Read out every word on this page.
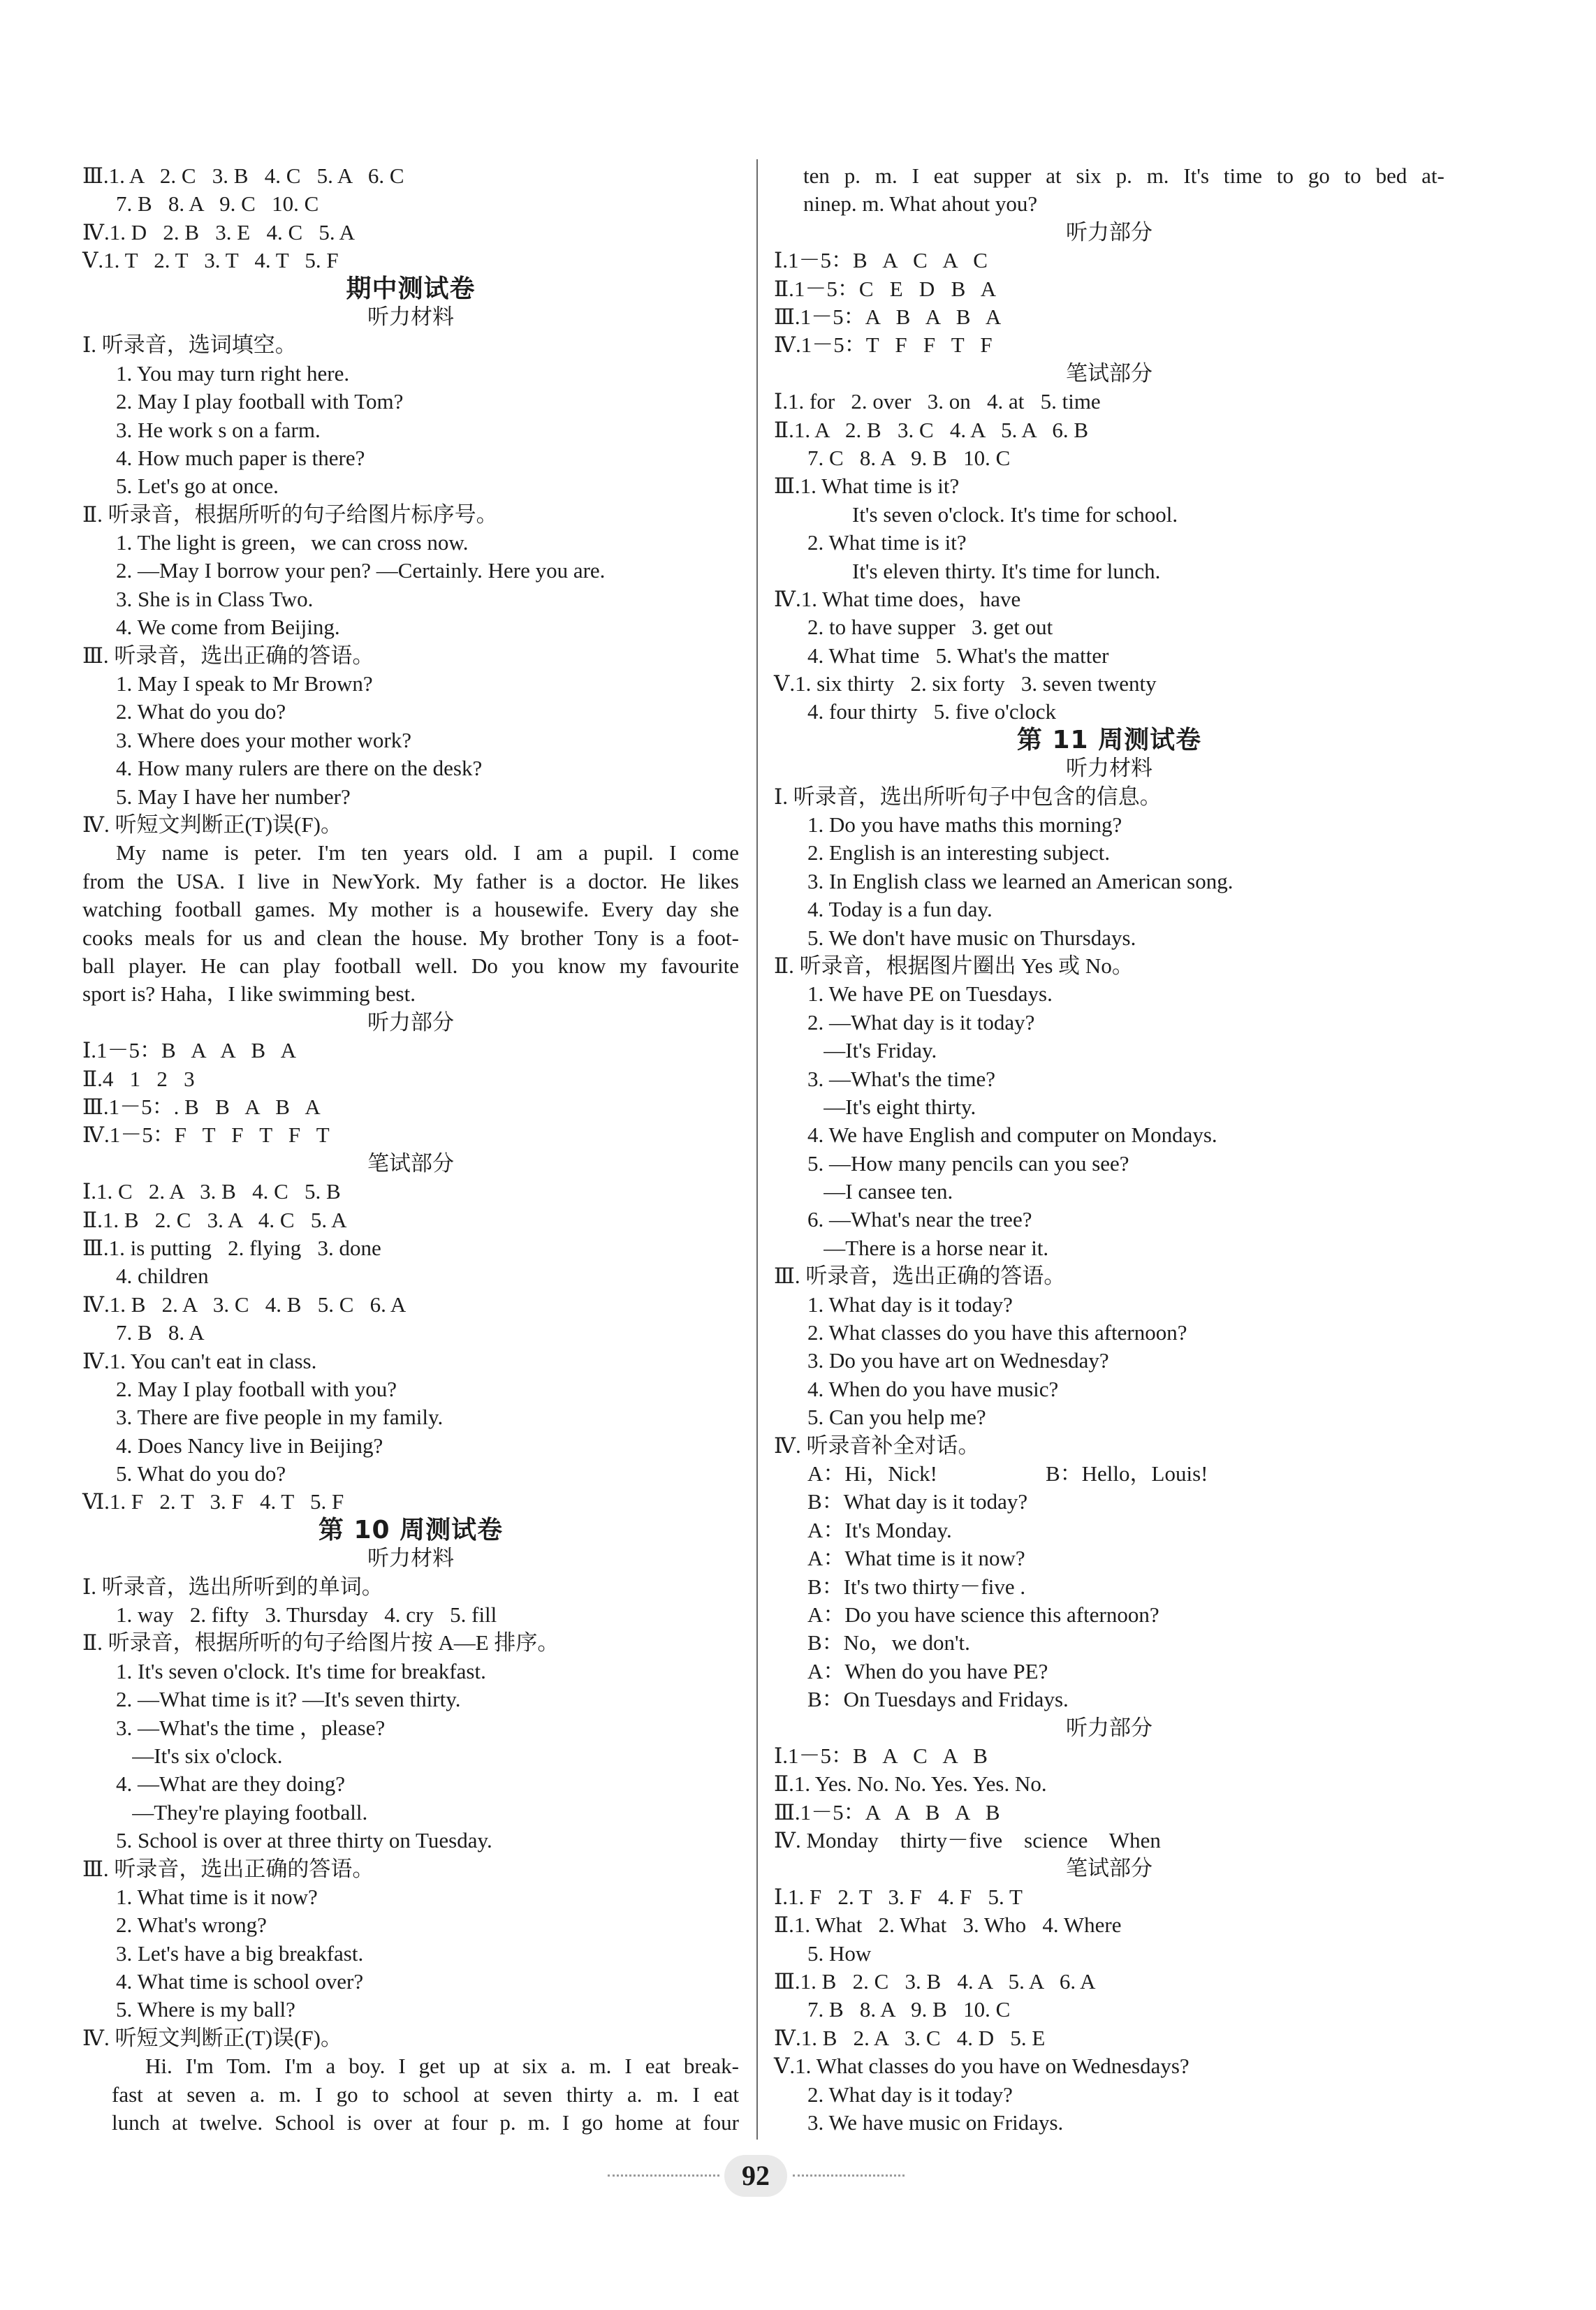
Ⅲ.1. A   2. C   3. B   4. C   5. A   6. C
7. B   8. A   9. C   10. C
Ⅳ.1. D   2. B   3. E   4. C   5. A
Ⅴ.1. T   2. T   3. T   4. T   5. F
期中测试卷
听力材料
Ⅰ. 听录音，选词填空。
1. You may turn right here.
2. May I play football with Tom?
3. He work s on a farm.
4. How much paper is there?
5. Let's go at once.
Ⅱ. 听录音，根据所听的句子给图片标序号。
1. The light is green，we can cross now.
2. —May I borrow your pen? —Certainly. Here you are.
3. She is in Class Two.
4. We come from Beijing.
Ⅲ. 听录音，选出正确的答语。
1. May I speak to Mr Brown?
2. What do you do?
3. Where does your mother work?
4. How many rulers are there on the desk?
5. May I have her number?
Ⅳ. 听短文判断正(T)误(F)。
My name is peter. I'm ten years old. I am a pupil. I come
from the USA. I live in NewYork. My father is a doctor. He likes
watching football games. My mother is a housewife. Every day she
cooks meals for us and clean the house. My brother Tony is a foot-
ball player. He can play football well. Do you know my favourite
sport is? Haha，I like swimming best.
听力部分
Ⅰ.1－5：B   A   A   B   A
Ⅱ.4   1   2   3
Ⅲ.1－5：. B   B   A   B   A
Ⅳ.1－5：F   T   F   T   F   T
笔试部分
Ⅰ.1. C   2. A   3. B   4. C   5. B
Ⅱ.1. B   2. C   3. A   4. C   5. A
Ⅲ.1. is putting   2. flying   3. done
4. children
Ⅳ.1. B   2. A   3. C   4. B   5. C   6. A
7. B   8. A
Ⅳ.1. You can't eat in class.
2. May I play football with you?
3. There are five people in my family.
4. Does Nancy live in Beijing?
5. What do you do?
Ⅵ.1. F   2. T   3. F   4. T   5. F
第 10 周测试卷
听力材料
Ⅰ. 听录音，选出所听到的单词。
1. way   2. fifty   3. Thursday   4. cry   5. fill
Ⅱ. 听录音，根据所听的句子给图片按 A—E 排序。
1. It's seven o'clock. It's time for breakfast.
2. —What time is it? —It's seven thirty.
3. —What's the time ，please?
—It's six o'clock.
4. —What are they doing?
—They're playing football.
5. School is over at three thirty on Tuesday.
Ⅲ. 听录音，选出正确的答语。
1. What time is it now?
2. What's wrong?
3. Let's have a big breakfast.
4. What time is school over?
5. Where is my ball?
Ⅳ. 听短文判断正(T)误(F)。
Hi. I'm Tom. I'm a boy. I get up at six a. m. I eat break-
fast at seven a. m. I go to school at seven thirty a. m. I eat
lunch at twelve. School is over at four p. m. I go home at four
ten p. m. I eat supper at six p. m. It's time to go to bed at-
ninep. m. What ahout you?
听力部分
Ⅰ.1－5：B   A   C   A   C
Ⅱ.1－5：C   E   D   B   A
Ⅲ.1－5：A   B   A   B   A
Ⅳ.1－5：T   F   F   T   F
笔试部分
Ⅰ.1. for   2. over   3. on   4. at   5. time
Ⅱ.1. A   2. B   3. C   4. A   5. A   6. B
7. C   8. A   9. B   10. C
Ⅲ.1. What time is it?
It's seven o'clock. It's time for school.
2. What time is it?
It's eleven thirty. It's time for lunch.
Ⅳ.1. What time does，have
2. to have supper   3. get out
4. What time   5. What's the matter
Ⅴ.1. six thirty   2. six forty   3. seven twenty
4. four thirty   5. five o'clock
第 11 周测试卷
听力材料
Ⅰ. 听录音，选出所听句子中包含的信息。
1. Do you have maths this morning?
2. English is an interesting subject.
3. In English class we learned an American song.
4. Today is a fun day.
5. We don't have music on Thursdays.
Ⅱ. 听录音，根据图片圈出 Yes 或 No。
1. We have PE on Tuesdays.
2. —What day is it today?
—It's Friday.
3. —What's the time?
—It's eight thirty.
4. We have English and computer on Mondays.
5. —How many pencils can you see?
—I cansee ten.
6. —What's near the tree?
—There is a horse near it.
Ⅲ. 听录音，选出正确的答语。
1. What day is it today?
2. What classes do you have this afternoon?
3. Do you have art on Wednesday?
4. When do you have music?
5. Can you help me?
Ⅳ. 听录音补全对话。
A：Hi，Nick!                    B：Hello，Louis!
B：What day is it today?
A：It's Monday.
A：What time is it now?
B：It's two thirty－five .
A：Do you have science this afternoon?
B：No，we don't.
A：When do you have PE?
B：On Tuesdays and Fridays.
听力部分
Ⅰ.1－5：B   A   C   A   B
Ⅱ.1. Yes. No. No. Yes. Yes. No.
Ⅲ.1－5：A   A   B   A   B
Ⅳ. Monday    thirty－five    science    When
笔试部分
Ⅰ.1. F   2. T   3. F   4. F   5. T
Ⅱ.1. What   2. What   3. Who   4. Where
5. How
Ⅲ.1. B   2. C   3. B   4. A   5. A   6. A
7. B   8. A   9. B   10. C
Ⅳ.1. B   2. A   3. C   4. D   5. E
Ⅴ.1. What classes do you have on Wednesdays?
2. What day is it today?
3. We have music on Fridays.
92
